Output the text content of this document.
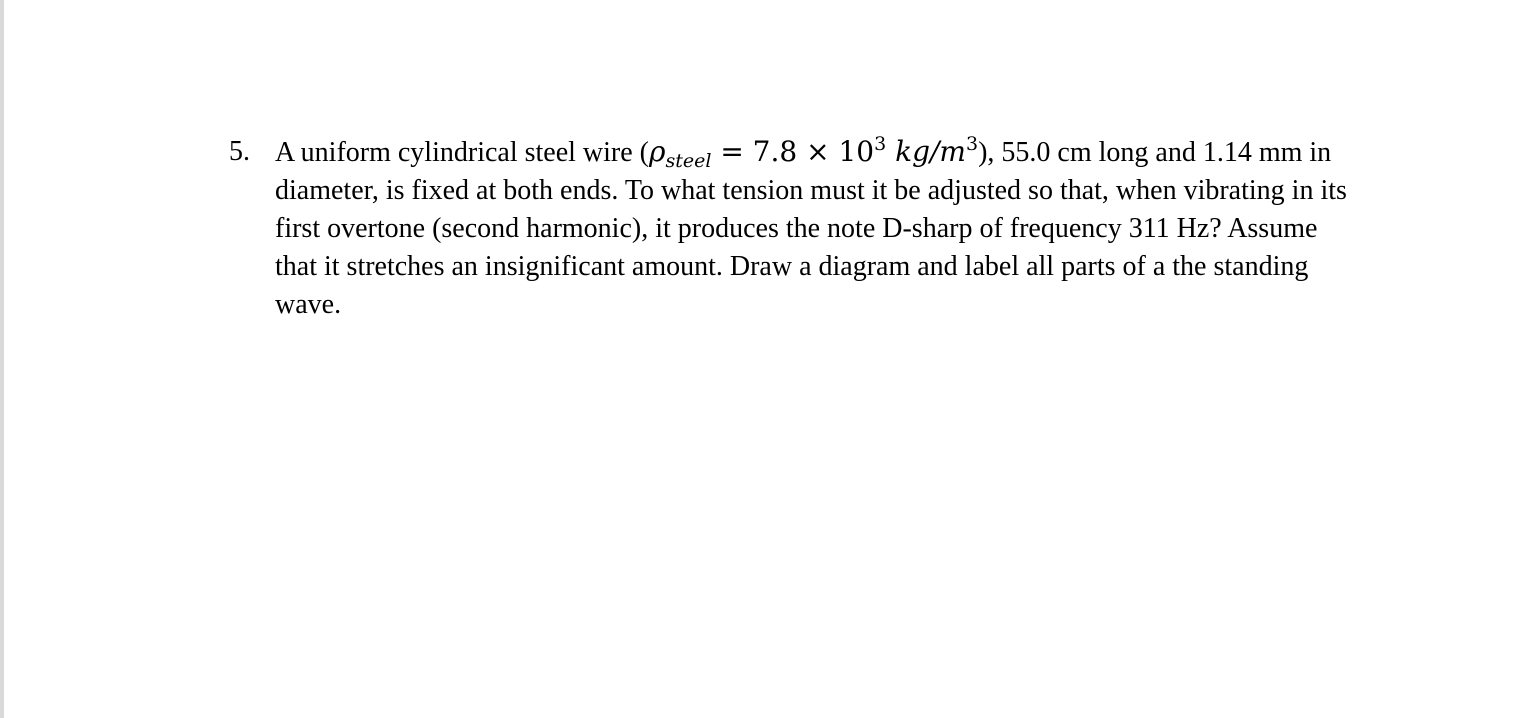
5. A uniform cylindrical steel wire ($\rho_{steel} = 7.8 \times 10^3$ $kg/m^3$), 55.0 cm long and 1.14 mm in diameter, is fixed at both ends. To what tension must it be adjusted so that, when vibrating in its first overtone (second harmonic), it produces the note D-sharp of frequency 311 Hz? Assume that it stretches an insignificant amount. Draw a diagram and label all parts of a the standing wave.
